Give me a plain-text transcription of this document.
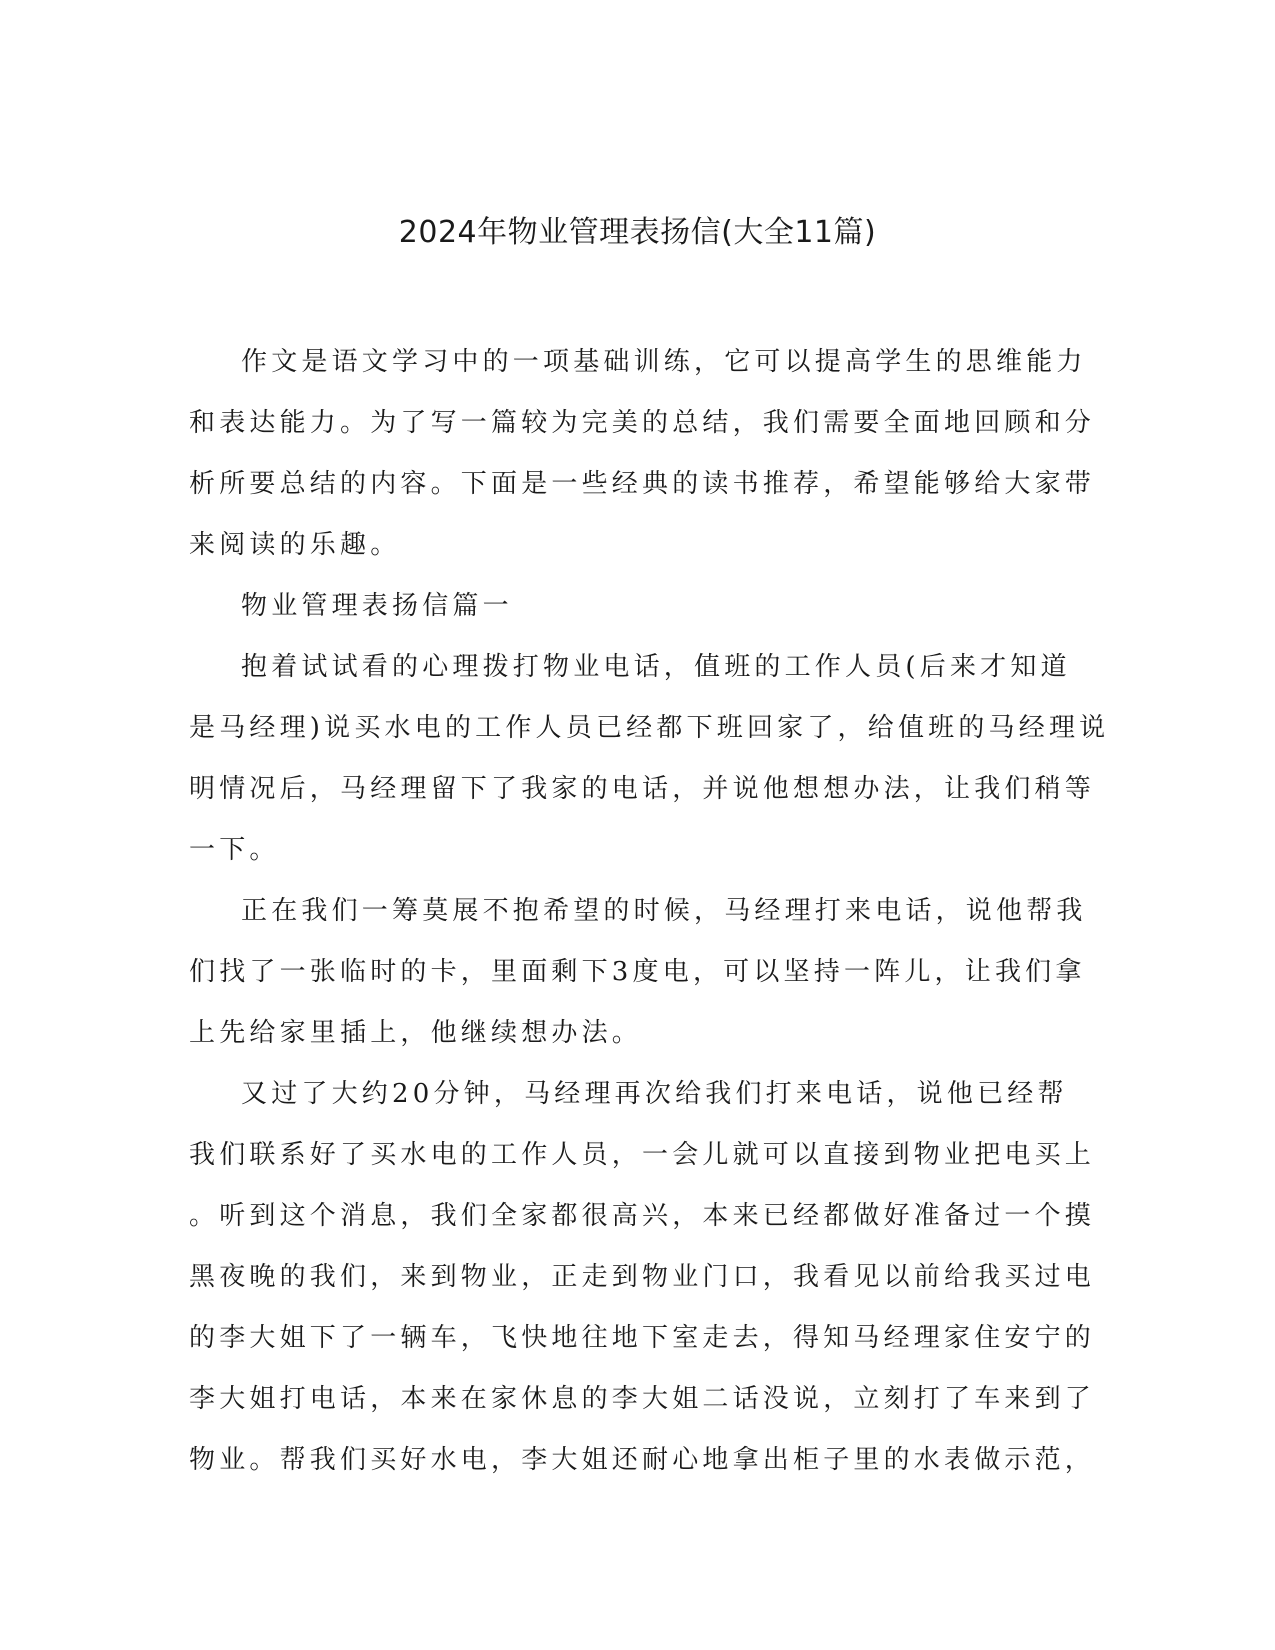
2024年物业管理表扬信(大全11篇)

作文是语文学习中的一项基础训练，它可以提高学生的思维能力
和表达能力。为了写一篇较为完美的总结，我们需要全面地回顾和分
析所要总结的内容。下面是一些经典的读书推荐，希望能够给大家带
来阅读的乐趣。

物业管理表扬信篇一

抱着试试看的心理拨打物业电话，值班的工作人员(后来才知道
是马经理)说买水电的工作人员已经都下班回家了，给值班的马经理说
明情况后，马经理留下了我家的电话，并说他想想办法，让我们稍等
一下。

正在我们一筹莫展不抱希望的时候，马经理打来电话，说他帮我
们找了一张临时的卡，里面剩下3度电，可以坚持一阵儿，让我们拿
上先给家里插上，他继续想办法。

又过了大约20分钟，马经理再次给我们打来电话，说他已经帮
我们联系好了买水电的工作人员，一会儿就可以直接到物业把电买上
。听到这个消息，我们全家都很高兴，本来已经都做好准备过一个摸
黑夜晚的我们，来到物业，正走到物业门口，我看见以前给我买过电
的李大姐下了一辆车，飞快地往地下室走去，得知马经理家住安宁的
李大姐打电话，本来在家休息的李大姐二话没说，立刻打了车来到了
物业。帮我们买好水电，李大姐还耐心地拿出柜子里的水表做示范，
